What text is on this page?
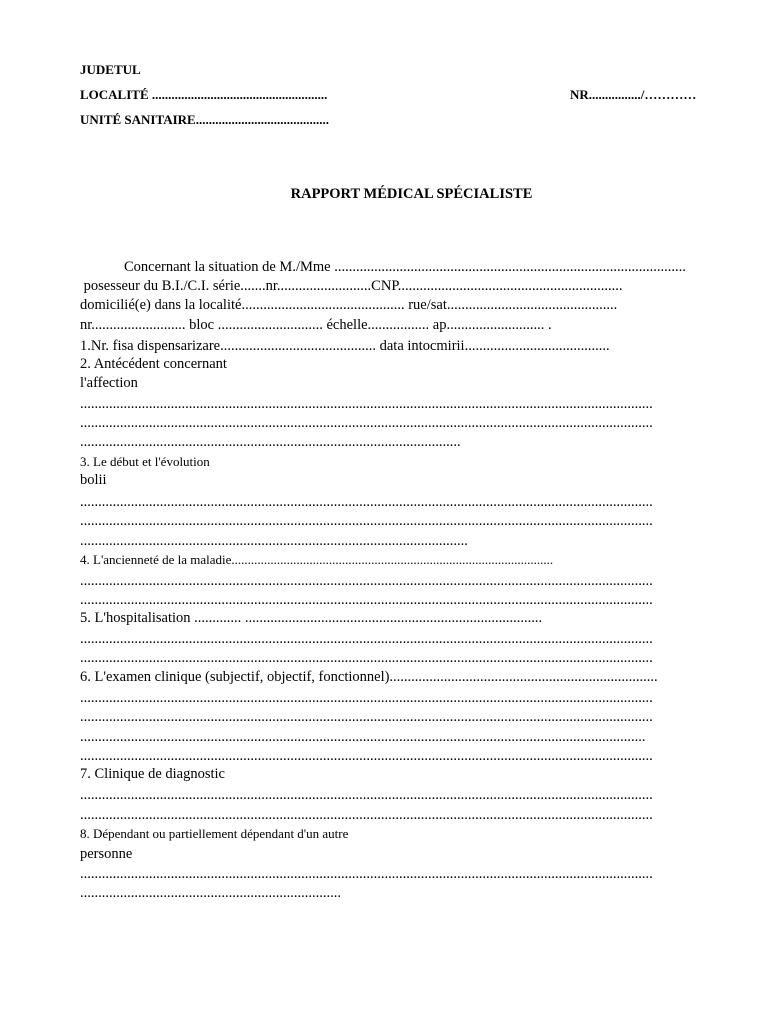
JUDETUL
LOCALITÉ ......................................................	NR................/…………
UNITÉ SANITAIRE.........................................
RAPPORT MÉDICAL SPÉCIALISTE
Concernant la situation de M./Mme .................................................................................................
posesseur du B.I./C.I. série.......nr..........................CNP..............................................................
domicilié(e) dans la localité............................................. rue/sat...............................................
nr.......................... bloc ............................. échelle................. ap........................... .
1.Nr. fisa dispensarizare........................................... data intocmirii........................................
2. Antécédent concernant
l'affection
..............................................................................................................................................................
..............................................................................................................................................................
.........................................................................................................
3. Le début et l'évolution
bolii
..............................................................................................................................................................
..............................................................................................................................................................
...........................................................................................................
4. L'ancienneté de la maladie...................................................................................................
..............................................................................................................................................................
..............................................................................................................................................................
5. L'hospitalisation ............. ..................................................................................
..............................................................................................................................................................
..............................................................................................................................................................
6. L'examen clinique (subjectif, objectif, fonctionnel)..........................................................................
..............................................................................................................................................................
..............................................................................................................................................................
............................................................................................................................................................
..............................................................................................................................................................
7. Clinique de diagnostic
..............................................................................................................................................................
..............................................................................................................................................................
8. Dépendant ou partiellement dépendant d'un autre
personne
..............................................................................................................................................................
........................................................................
